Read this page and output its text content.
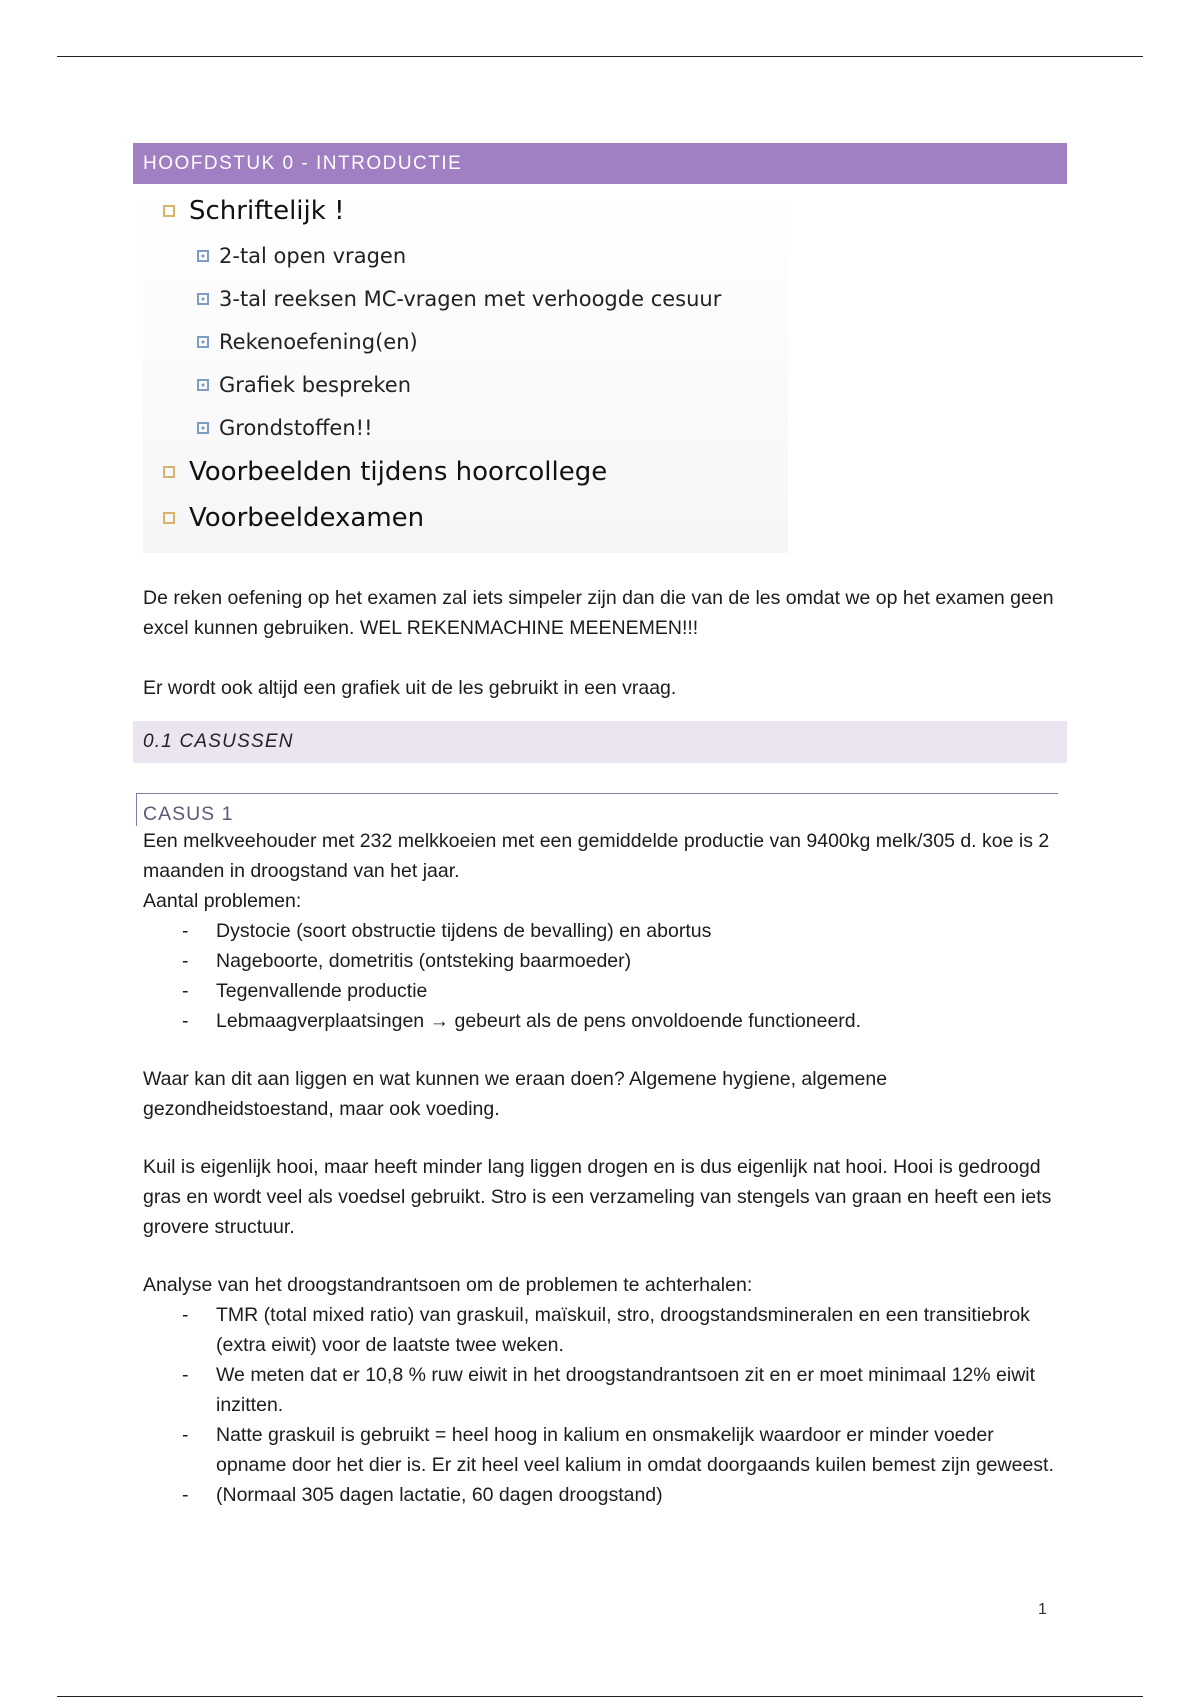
HOOFDSTUK 0 - INTRODUCTIE
Schriftelijk !
2-tal open vragen
3-tal reeksen MC-vragen met verhoogde cesuur
Rekenoefening(en)
Grafiek bespreken
Grondstoffen!!
Voorbeelden tijdens hoorcollege
Voorbeeldexamen

De reken oefening op het examen zal iets simpeler zijn dan die van de les omdat we op het examen geen excel kunnen gebruiken. WEL REKENMACHINE MEENEMEN!!!

Er wordt ook altijd een grafiek uit de les gebruikt in een vraag.

0.1 CASUSSEN
CASUS 1

Een melkveehouder met 232 melkkoeien met een gemiddelde productie van 9400kg melk/305 d. koe is 2 maanden in droogstand van het jaar.

Aantal problemen:

- Dystocie (soort obstructie tijdens de bevalling) en abortus
- Nageboorte, dometritis (ontsteking baarmoeder)
- Tegenvallende productie
- Lebmaagverplaatsingen → gebeurt als de pens onvoldoende functioneerd.

Waar kan dit aan liggen en wat kunnen we eraan doen? Algemene hygiene, algemene gezondheidstoestand, maar ook voeding.

Kuil is eigenlijk hooi, maar heeft minder lang liggen drogen en is dus eigenlijk nat hooi. Hooi is gedroogd gras en wordt veel als voedsel gebruikt. Stro is een verzameling van stengels van graan en heeft een iets grovere structuur.

Analyse van het droogstandrantsoen om de problemen te achterhalen:

- TMR (total mixed ratio) van graskuil, maïskuil, stro, droogstandsmineralen en een transitiebrok (extra eiwit) voor de laatste twee weken.
- We meten dat er 10,8 % ruw eiwit in het droogstandrantsoen zit en er moet minimaal 12% eiwit inzitten.
- Natte graskuil is gebruikt = heel hoog in kalium en onsmakelijk waardoor er minder voeder opname door het dier is. Er zit heel veel kalium in omdat doorgaands kuilen bemest zijn geweest.
- (Normaal 305 dagen lactatie, 60 dagen droogstand)
1
